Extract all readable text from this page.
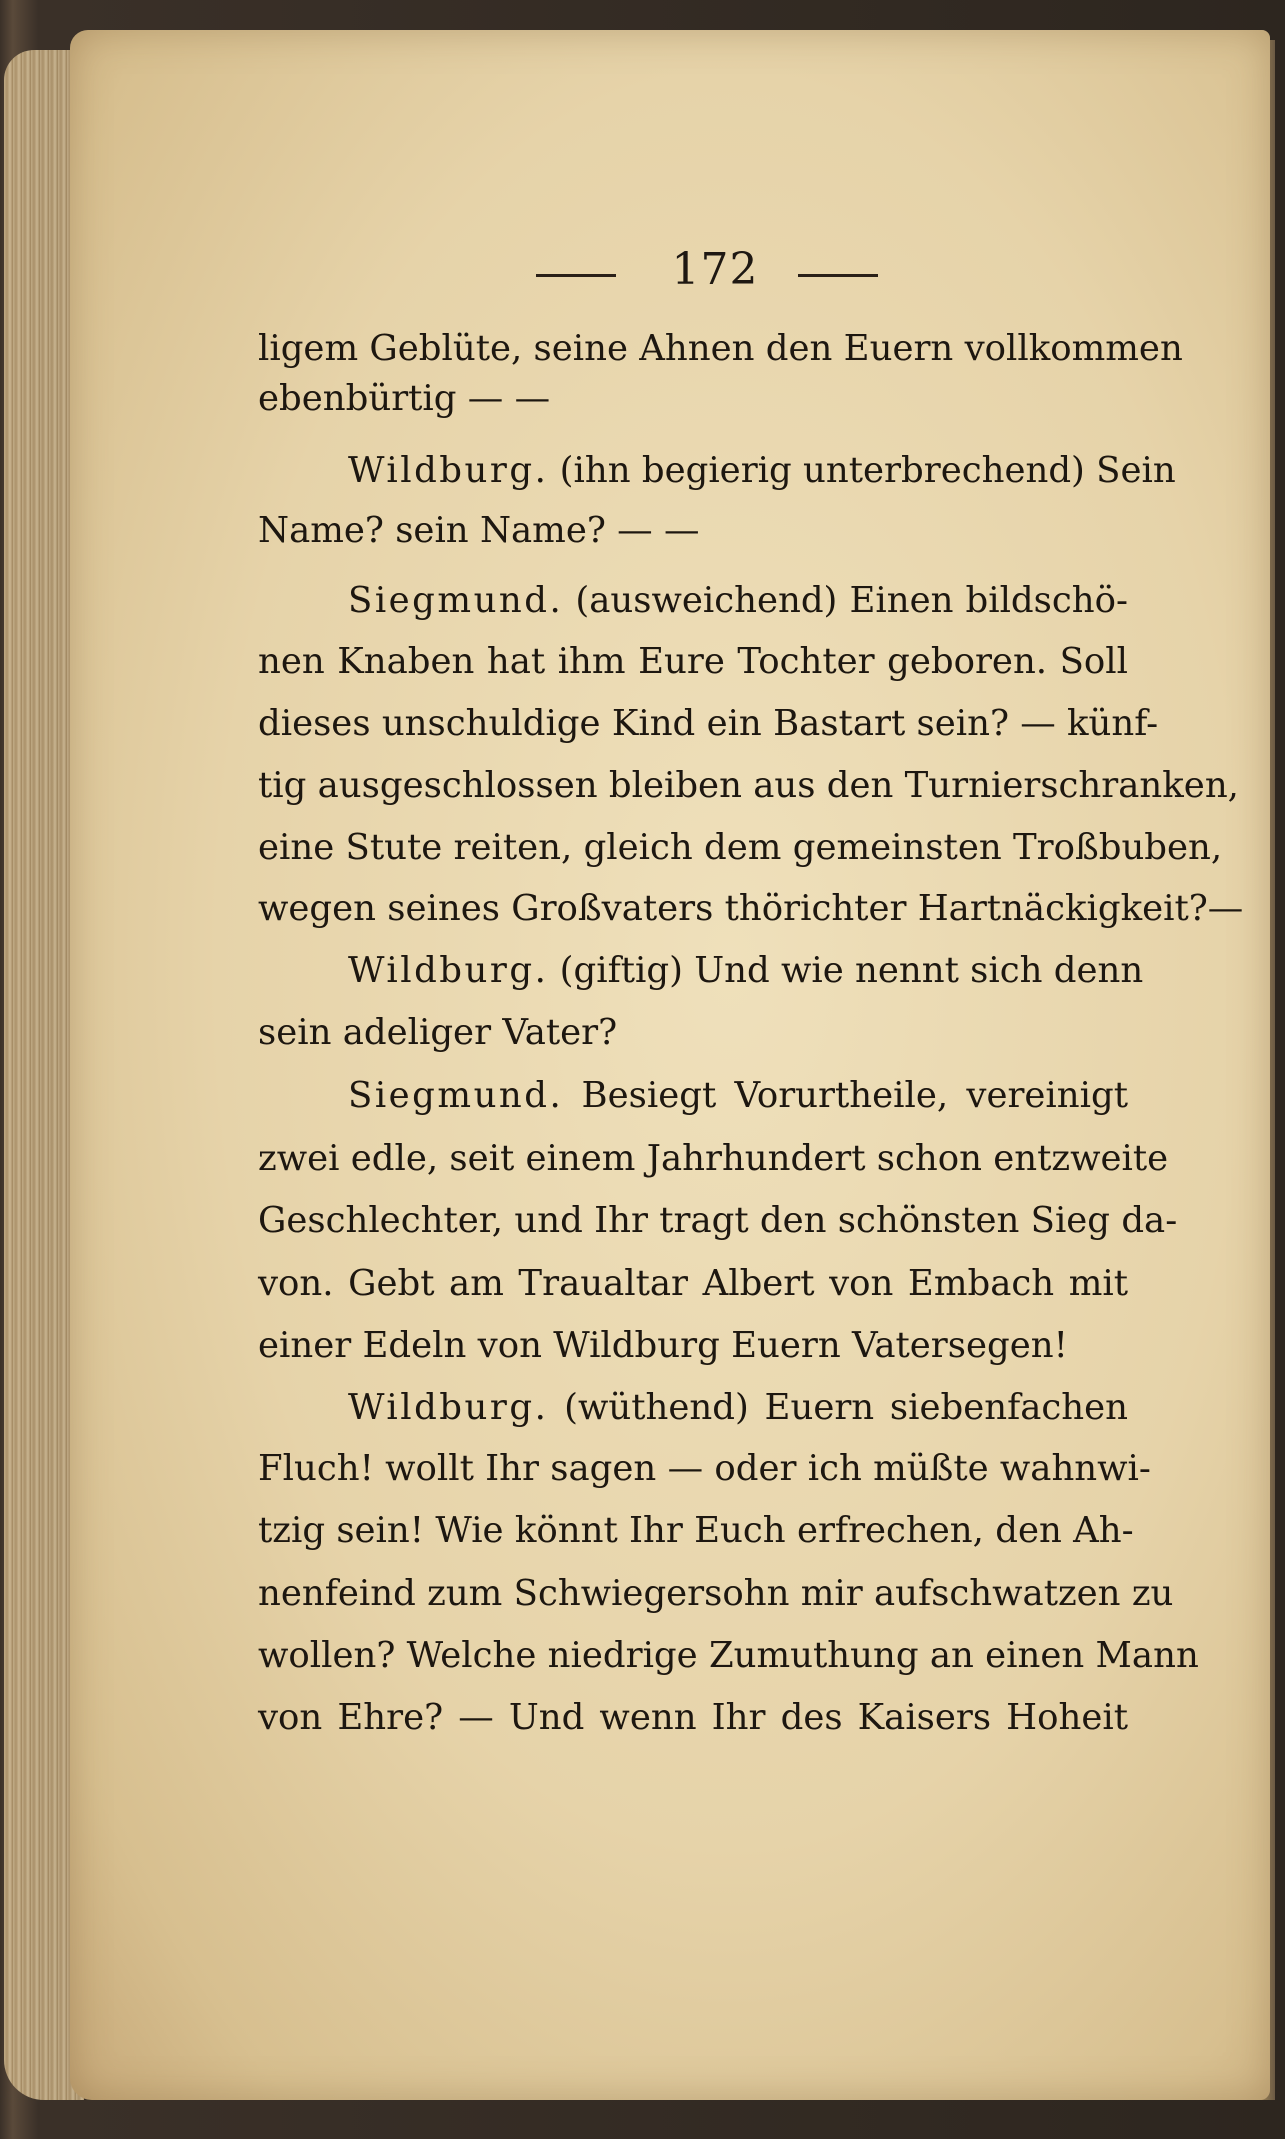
172
ligem Geblüte, seine Ahnen den Euern vollkommen
ebenbürtig — —
Wildburg. (ihn begierig unterbrechend) Sein
Name? sein Name? — —
Siegmund. (ausweichend) Einen bildschö-
nen Knaben hat ihm Eure Tochter geboren. Soll
dieses unschuldige Kind ein Bastart sein? — künf-
tig ausgeschlossen bleiben aus den Turnierschranken,
eine Stute reiten, gleich dem gemeinsten Troßbuben,
wegen seines Großvaters thörichter Hartnäckigkeit?—
Wildburg. (giftig) Und wie nennt sich denn
sein adeliger Vater?
Siegmund. Besiegt Vorurtheile, vereinigt
zwei edle, seit einem Jahrhundert schon entzweite
Geschlechter, und Ihr tragt den schönsten Sieg da-
von. Gebt am Traualtar Albert von Embach mit
einer Edeln von Wildburg Euern Vatersegen!
Wildburg. (wüthend) Euern siebenfachen
Fluch! wollt Ihr sagen — oder ich müßte wahnwi-
tzig sein! Wie könnt Ihr Euch erfrechen, den Ah-
nenfeind zum Schwiegersohn mir aufschwatzen zu
wollen? Welche niedrige Zumuthung an einen Mann
von Ehre? — Und wenn Ihr des Kaisers Hoheit
